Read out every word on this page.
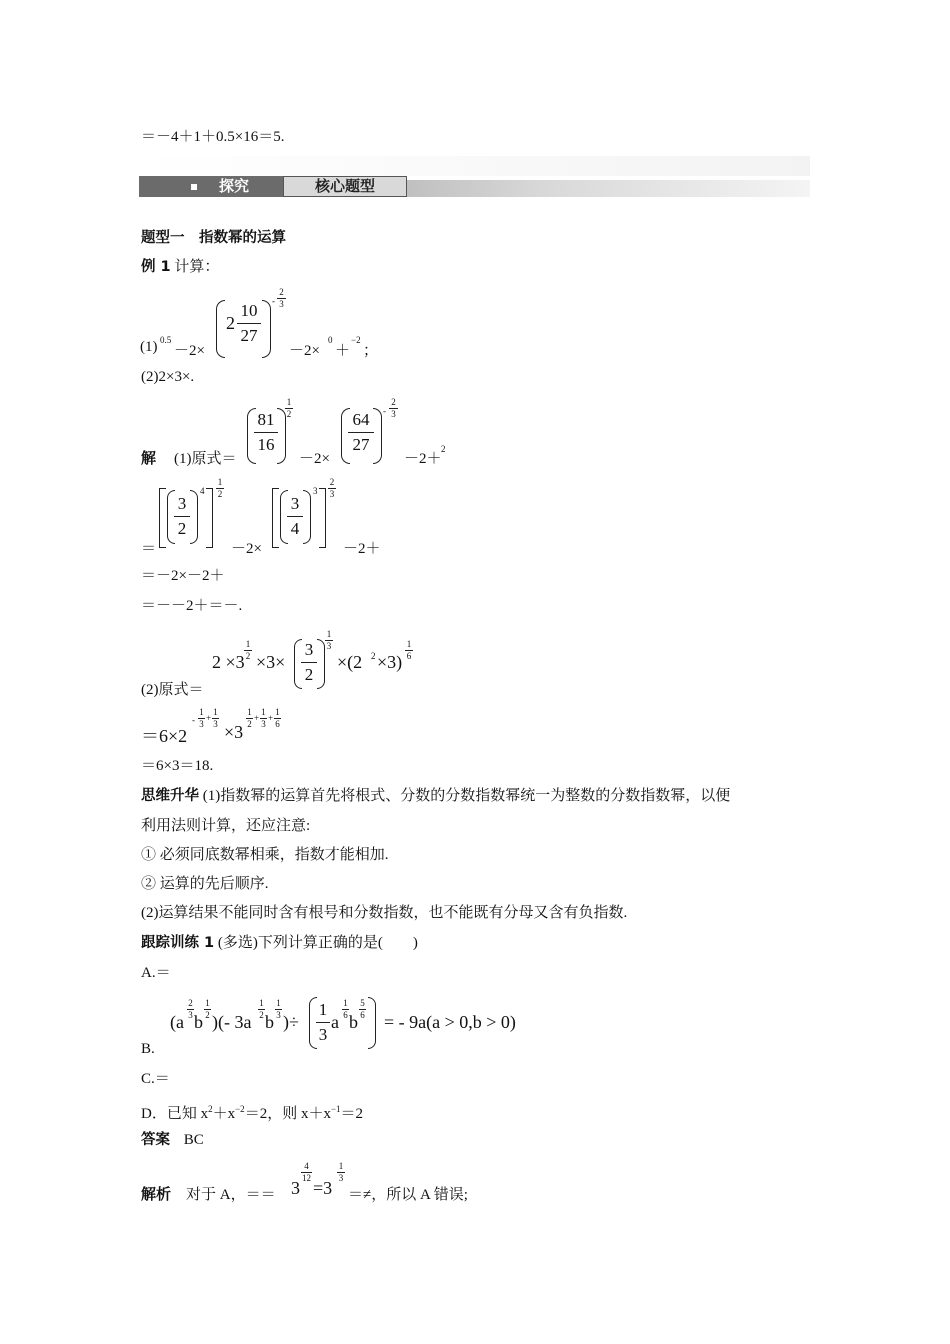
＝－4＋1＋0.5×16＝5.
探究	核心题型
题型一　指数幂的运算
例 1 计算：
(1) 0.5
－2×
2
10
27
-
2
3
－2×
0
＋
−2
；
(2)2×3×.
解 (1)原式＝
81
16
1
2
－2×
64
27
-
2
3
－2＋
2
＝
3
2
4
1
2
－2×
3
4
3
2
3
－2＋
＝－2×－2＋
＝－－2＋＝－.
(2)原式＝
2 ×3
1
2 ×3×
3
2
1
3
×(2 2 ×3)
1
6
＝6×2
-
1
3
+
1
3 ×3
1
2
+
1
3
+
1
6
＝6×3＝18.
思维升华 (1)指数幂的运算首先将根式、分数的分数指数幂统一为整数的分数指数幂，以便
利用法则计算，还应注意:
① 必须同底数幂相乘，指数才能相加.
② 运算的先后顺序.
(2)运算结果不能同时含有根号和分数指数，也不能既有分母又含有负指数.
跟踪训练 1 (多选)下列计算正确的是(　　)
A.＝
(a
2
3 b
1
2 )(- 3a
1
2 b
1
3 )÷
1
3
a
1
6 b
5
6 = - 9a(a > 0,b > 0)
B.
C.＝
D．已知 $x^2+x^{-2}=2$，则 $x+x^{-1}=2$
答案 BC
解析 对于 A，＝＝ 3
4
12 =3
1
3
＝≠，所以 A 错误;
